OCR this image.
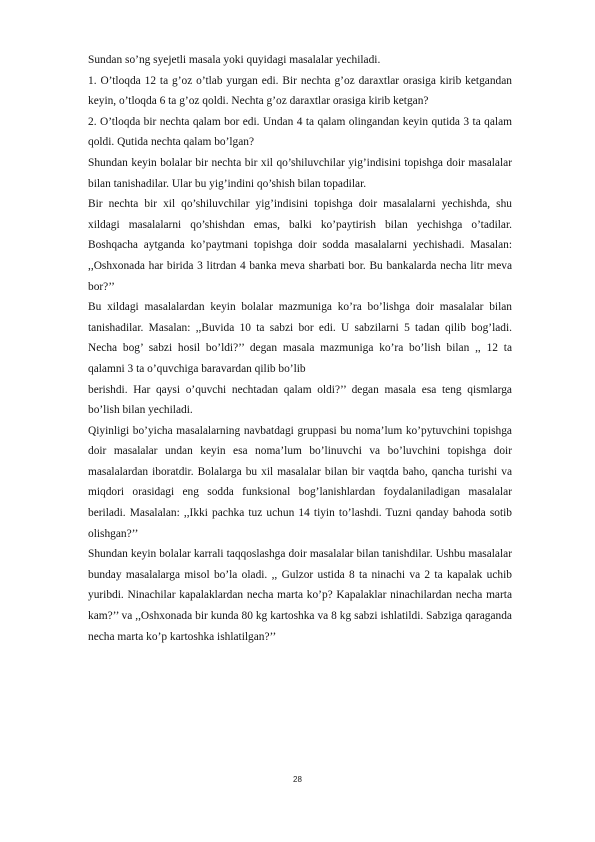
Sundan so’ng syejetli masala yoki quyidagi masalalar yechiladi.

1. O’tloqda 12 ta g’oz o’tlab yurgan edi. Bir nechta g’oz daraxtlar orasiga kirib ketgandan keyin, o’tloqda 6 ta g’oz qoldi. Nechta g’oz daraxtlar orasiga kirib ketgan?

2. O’tloqda bir nechta qalam bor edi. Undan 4 ta qalam olingandan keyin qutida 3 ta qalam qoldi. Qutida nechta qalam bo’lgan?

Shundan keyin bolalar bir nechta bir xil qo’shiluvchilar yig’indisini topishga doir masalalar bilan tanishadilar. Ular bu yig’indini qo’shish bilan topadilar.

Bir nechta bir xil qo’shiluvchilar yig’indisini topishga doir masalalarni yechishda, shu xildagi masalalarni qo’shishdan emas, balki ko’paytirish bilan yechishga o’tadilar. Boshqacha aytganda ko’paytmani topishga doir sodda masalalarni yechishadi. Masalan: ,,Oshxonada har birida 3 litrdan 4 banka meva sharbati bor. Bu bankalarda necha litr meva bor?’’

Bu xildagi masalalardan keyin bolalar mazmuniga ko’ra bo’lishga doir masalalar bilan tanishadilar. Masalan: ,,Buvida 10 ta sabzi bor edi. U sabzilarni 5 tadan qilib bog’ladi. Necha bog’ sabzi hosil bo’ldi?’’ degan masala mazmuniga ko’ra bo’lish bilan ,, 12 ta qalamni 3 ta o’quvchiga baravardan qilib bo’lib

berishdi. Har qaysi o’quvchi nechtadan qalam oldi?’’ degan masala esa teng qismlarga bo’lish bilan yechiladi.

Qiyinligi bo’yicha masalalarning navbatdagi gruppasi bu noma’lum ko’pytuvchini topishga doir masalalar undan keyin esa noma’lum bo’linuvchi va bo’luvchini topishga doir masalalardan iboratdir. Bolalarga bu xil masalalar bilan bir vaqtda baho, qancha turishi va miqdori orasidagi eng sodda funksional bog’lanishlardan foydalaniladigan masalalar beriladi. Masalalan: ,,Ikki pachka tuz uchun 14 tiyin to’lashdi. Tuzni qanday bahoda sotib olishgan?’’

Shundan keyin bolalar karrali taqqoslashga doir masalalar bilan tanishdilar. Ushbu masalalar bunday masalalarga misol bo’la oladi. ,, Gulzor ustida 8 ta ninachi va 2 ta kapalak uchib yuribdi. Ninachilar kapalaklardan necha marta ko’p? Kapalaklar ninachilardan necha marta kam?’’ va ,,Oshxonada bir kunda 80 kg kartoshka va 8 kg sabzi ishlatildi. Sabziga qaraganda necha marta ko’p kartoshka ishlatilgan?’’

28
